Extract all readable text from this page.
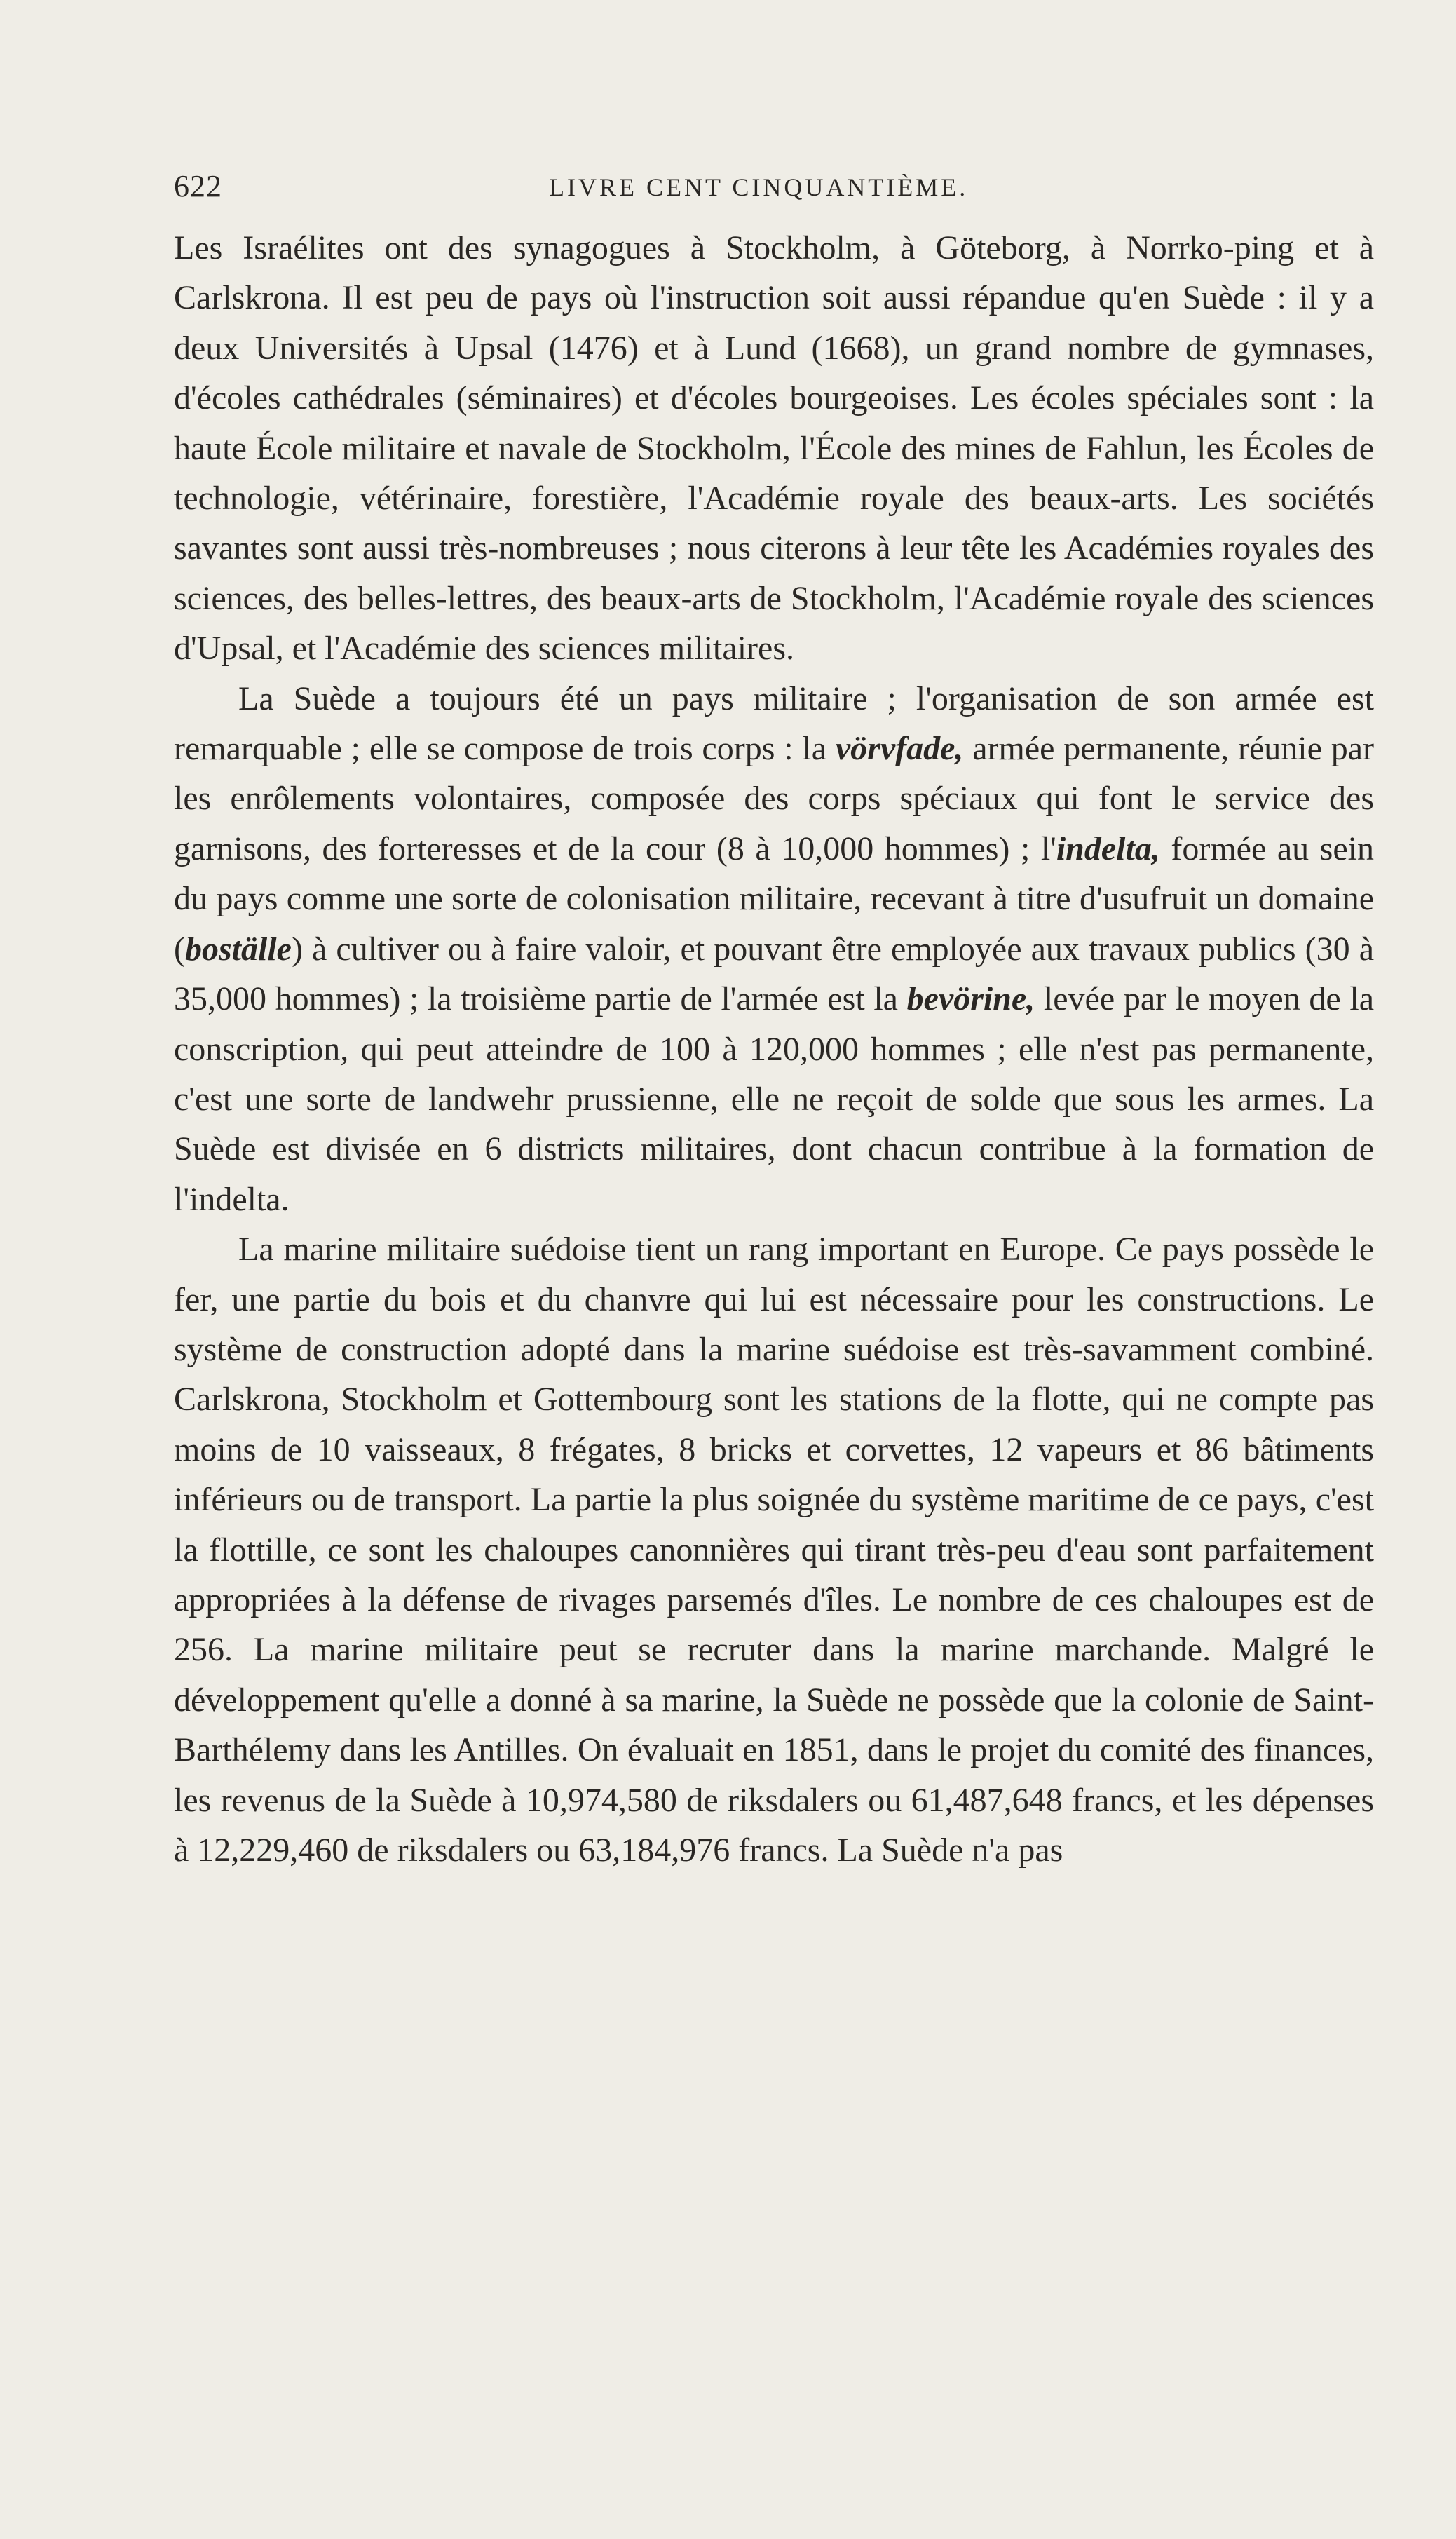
622	LIVRE CENT CINQUANTIÈME.

Les Israélites ont des synagogues à Stockholm, à Göteborg, à Norrko-ping et à Carlskrona. Il est peu de pays où l'instruction soit aussi répandue qu'en Suède : il y a deux Universités à Upsal (1476) et à Lund (1668), un grand nombre de gymnases, d'écoles cathédrales (séminaires) et d'écoles bourgeoises. Les écoles spéciales sont : la haute École militaire et navale de Stockholm, l'École des mines de Fahlun, les Écoles de technologie, vétérinaire, forestière, l'Académie royale des beaux-arts. Les sociétés savantes sont aussi très-nombreuses ; nous citerons à leur tête les Académies royales des sciences, des belles-lettres, des beaux-arts de Stockholm, l'Académie royale des sciences d'Upsal, et l'Académie des sciences militaires.

La Suède a toujours été un pays militaire ; l'organisation de son armée est remarquable ; elle se compose de trois corps : la vörvfade, armée permanente, réunie par les enrôlements volontaires, composée des corps spéciaux qui font le service des garnisons, des forteresses et de la cour (8 à 10,000 hommes) ; l'indelta, formée au sein du pays comme une sorte de colonisation militaire, recevant à titre d'usufruit un domaine (boställe) à cultiver ou à faire valoir, et pouvant être employée aux travaux publics (30 à 35,000 hommes) ; la troisième partie de l'armée est la bevörine, levée par le moyen de la conscription, qui peut atteindre de 100 à 120,000 hommes ; elle n'est pas permanente, c'est une sorte de landwehr prussienne, elle ne reçoit de solde que sous les armes. La Suède est divisée en 6 districts militaires, dont chacun contribue à la formation de l'indelta.

La marine militaire suédoise tient un rang important en Europe. Ce pays possède le fer, une partie du bois et du chanvre qui lui est nécessaire pour les constructions. Le système de construction adopté dans la marine suédoise est très-savamment combiné. Carlskrona, Stockholm et Gottembourg sont les stations de la flotte, qui ne compte pas moins de 10 vaisseaux, 8 frégates, 8 bricks et corvettes, 12 vapeurs et 86 bâtiments inférieurs ou de transport. La partie la plus soignée du système maritime de ce pays, c'est la flottille, ce sont les chaloupes canonnières qui tirant très-peu d'eau sont parfaitement appropriées à la défense de rivages parsemés d'îles. Le nombre de ces chaloupes est de 256. La marine militaire peut se recruter dans la marine marchande. Malgré le développement qu'elle a donné à sa marine, la Suède ne possède que la colonie de Saint-Barthélemy dans les Antilles. On évaluait en 1851, dans le projet du comité des finances, les revenus de la Suède à 10,974,580 de riksdalers ou 61,487,648 francs, et les dépenses à 12,229,460 de riksdalers ou 63,184,976 francs. La Suède n'a pas
